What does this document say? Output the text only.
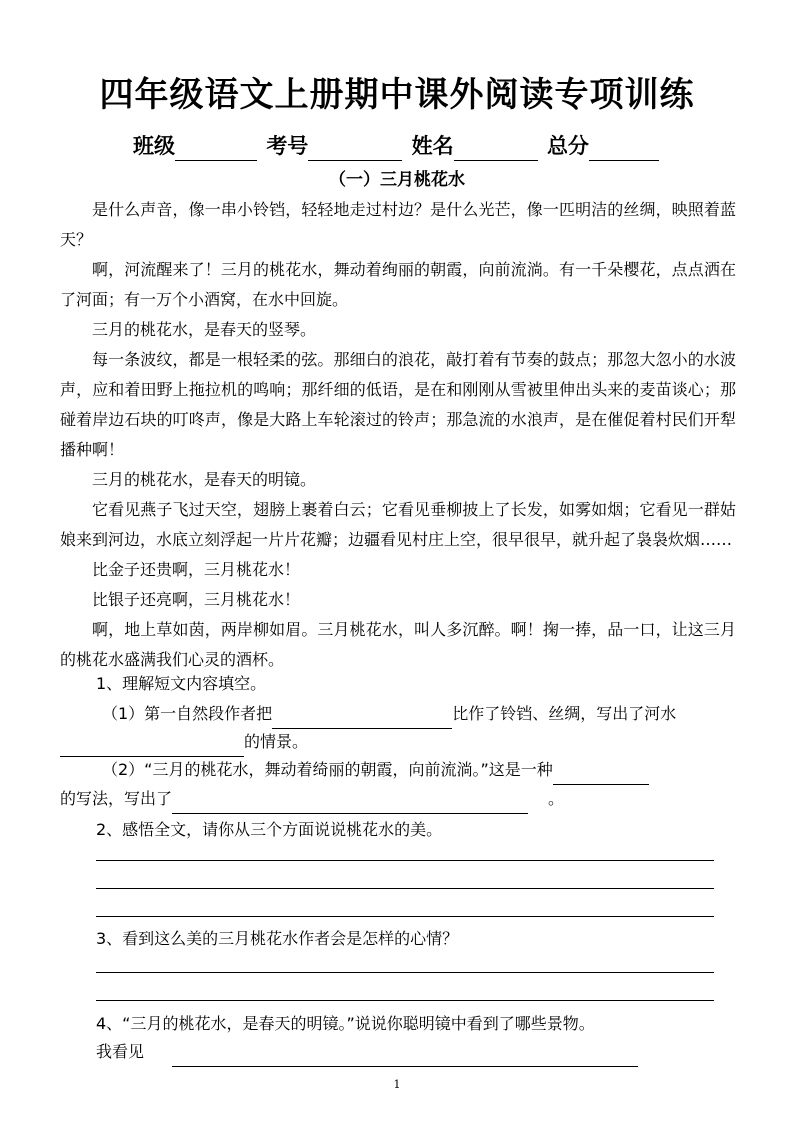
四年级语文上册期中课外阅读专项训练
班级	考号	姓名	总分
（一）三月桃花水

是什么声音，像一串小铃铛，轻轻地走过村边？是什么光芒，像一匹明洁的丝绸，映照着蓝天？

啊，河流醒来了！三月的桃花水，舞动着绚丽的朝霞，向前流淌。有一千朵樱花，点点洒在了河面；有一万个小酒窝，在水中回旋。

三月的桃花水，是春天的竖琴。

每一条波纹，都是一根轻柔的弦。那细白的浪花，敲打着有节奏的鼓点；那忽大忽小的水波声，应和着田野上拖拉机的鸣响；那纤细的低语，是在和刚刚从雪被里伸出头来的麦苗谈心；那碰着岸边石块的叮咚声，像是大路上车轮滚过的铃声；那急流的水浪声，是在催促着村民们开犁播种啊！

三月的桃花水，是春天的明镜。

它看见燕子飞过天空，翅膀上裹着白云；它看见垂柳披上了长发，如雾如烟；它看见一群姑娘来到河边，水底立刻浮起一片片花瓣；边疆看见村庄上空，很早很早，就升起了袅袅炊烟……

比金子还贵啊，三月桃花水！

比银子还亮啊，三月桃花水！

啊，地上草如茵，两岸柳如眉。三月桃花水，叫人多沉醉。啊！掬一捧，品一口，让这三月的桃花水盛满我们心灵的酒杯。

1、理解短文内容填空。
（1）第一自然段作者把	比作了铃铛、丝绸，写出了河水
的情景。
（2）“三月的桃花水，舞动着绮丽的朝霞，向前流淌。”这是一种
的写法，写出了	。
2、感悟全文，请你从三个方面说说桃花水的美。
3、看到这么美的三月桃花水作者会是怎样的心情？
4、“三月的桃花水，是春天的明镜。”说说你聪明镜中看到了哪些景物。
我看见
1
